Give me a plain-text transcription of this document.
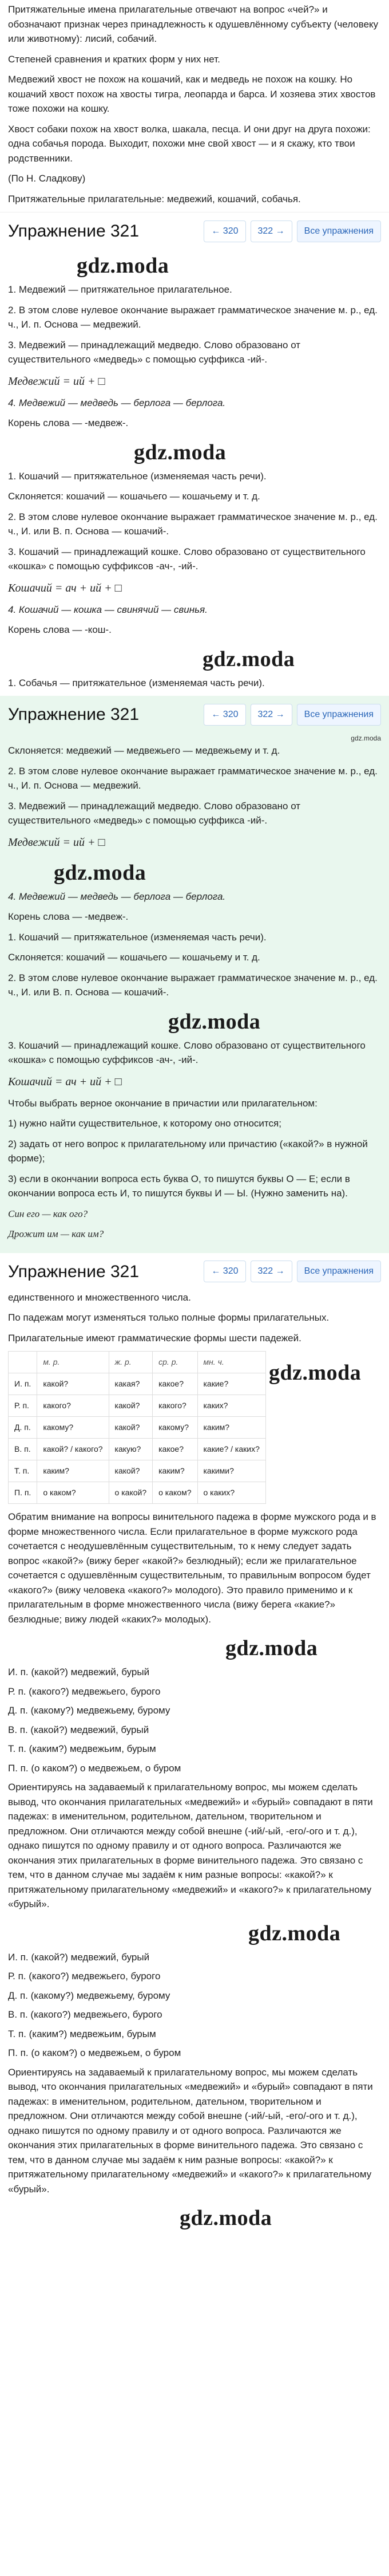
Притяжательные имена прилагательные отвечают на вопрос «чей?» и обозначают признак через принадлежность к одушевлённому субъекту (человеку или животному): лисий, собачий.

Степеней сравнения и кратких форм у них нет.

Медвежий хвост не похож на кошачий, как и медведь не похож на кошку. Но кошачий хвост похож на хвосты тигра, леопарда и барса. И хозяева этих хвостов тоже похожи на кошку.

Хвост собаки похож на хвост волка, шакала, песца. И они друг на друга похожи: одна собачья порода. Выходит, похожи мне свой хвост — и я скажу, кто твои родственники.

(По Н. Сладкову)

Притяжательные прилагательные: медвежий, кошачий, собачья.

Упражнение 321	← 320	322 →	Все упражнения
gdz.moda

1. Медвежий — притяжательное прилагательное.

2. В этом слове нулевое окончание выражает грамматическое значение м. р., ед. ч., И. п. Основа — медвежий.

3. Медвежий — принадлежащий медведю. Слово образовано от существительного «медведь» с помощью суффикса -ий-.

Медвежий = ий + □

4. Медвежий — медведь — берлога — берлога.

Корень слова — -медвеж-.

gdz.moda

1. Кошачий — притяжательное (изменяемая часть речи).

Склоняется: кошачий — кошачьего — кошачьему и т. д.

2. В этом слове нулевое окончание выражает грамматическое значение м. р., ед. ч., И. или В. п. Основа — кошачий-.

3. Кошачий — принадлежащий кошке. Слово образовано от существительного «кошка» с помощью суффиксов -ач-, -ий-.

Кошачий = ач + ий + □

4. Кошачий — кошка — свинячий — свинья.

Корень слова — -кош-.

gdz.moda

1. Собачья — притяжательное (изменяемая часть речи).

Упражнение 321	← 320	322 →	Все упражнения
gdz.moda

Склоняется: медвежий — медвежьего — медвежьему и т. д.

2. В этом слове нулевое окончание выражает грамматическое значение м. р., ед. ч., И. п. Основа — медвежий.

3. Медвежий — принадлежащий медведю. Слово образовано от существительного «медведь» с помощью суффикса -ий-.

Медвежий = ий + □
gdz.moda

4. Медвежий — медведь — берлога — берлога.

Корень слова — -медвеж-.

1. Кошачий — притяжательное (изменяемая часть речи).

Склоняется: кошачий — кошачьего — кошачьему и т. д.

2. В этом слове нулевое окончание выражает грамматическое значение м. р., ед. ч., И. или В. п. Основа — кошачий-.

gdz.moda

3. Кошачий — принадлежащий кошке. Слово образовано от существительного «кошка» с помощью суффиксов -ач-, -ий-.

Кошачий = ач + ий + □

Чтобы выбрать верное окончание в причастии или прилагательном:

1) нужно найти существительное, к которому оно относится;

2) задать от него вопрос к прилагательному или причастию («какой?» в нужной форме);

3) если в окончании вопроса есть буква О, то пишутся буквы О — Е; если в окончании вопроса есть И, то пишутся буквы И — Ы. (Нужно заменить на).

Син его — как ого?

Дрожит им — как им?

Упражнение 321	← 320	322 →	Все упражнения

единственного и множественного числа.

По падежам могут изменяться только полные формы прилагательных.

Прилагательные имеют грамматические формы шести падежей.

gdz.moda
	м. р.	ж. р.	ср. р.	мн. ч.
И. п.	какой?	какая?	какое?	какие?
Р. п.	какого?	какой?	какого?	каких?
Д. п.	какому?	какой?	какому?	каким?
В. п.	какой? / какого?	какую?	какое?	какие? / каких?
Т. п.	каким?	какой?	каким?	какими?
П. п.	о каком?	о какой?	о каком?	о каких?

Обратим внимание на вопросы винительного падежа в форме мужского рода и в форме множественного числа. Если прилагательное в форме мужского рода сочетается с неодушевлённым существительным, то к нему следует задать вопрос «какой?» (вижу берег «какой?» безлюдный); если же прилагательное сочетается с одушевлённым существительным, то правильным вопросом будет «какого?» (вижу человека «какого?» молодого). Это правило применимо и к прилагательным в форме множественного числа (вижу берега «какие?» безлюдные; вижу людей «каких?» молодых).

gdz.moda

И. п. (какой?) медвежий, бурый

Р. п. (какого?) медвежьего, бурого

Д. п. (какому?) медвежьему, бурому

В. п. (какой?) медвежий, бурый

Т. п. (каким?) медвежьим, бурым

П. п. (о каком?) о медвежьем, о буром

Ориентируясь на задаваемый к прилагательному вопрос, мы можем сделать вывод, что окончания прилагательных «медвежий» и «бурый» совпадают в пяти падежах: в именительном, родительном, дательном, творительном и предложном. Они отличаются между собой внешне (-ий/-ый, -его/-ого и т. д.), однако пишутся по одному правилу и от одного вопроса. Различаются же окончания этих прилагательных в форме винительного падежа. Это связано с тем, что в данном случае мы задаём к ним разные вопросы: «какой?» к притяжательному прилагательному «медвежий» и «какого?» к прилагательному «бурый».

gdz.moda

И. п. (какой?) медвежий, бурый

Р. п. (какого?) медвежьего, бурого

Д. п. (какому?) медвежьему, бурому

В. п. (какого?) медвежьего, бурого

Т. п. (каким?) медвежьим, бурым

П. п. (о каком?) о медвежьем, о буром

Ориентируясь на задаваемый к прилагательному вопрос, мы можем сделать вывод, что окончания прилагательных «медвежий» и «бурый» совпадают в пяти падежах: в именительном, родительном, дательном, творительном и предложном. Они отличаются между собой внешне (-ий/-ый, -его/-ого и т. д.), однако пишутся по одному правилу и от одного вопроса. Различаются же окончания этих прилагательных в форме винительного падежа. Это связано с тем, что в данном случае мы задаём к ним разные вопросы: «какой?» к притяжательному прилагательному «медвежий» и «какого?» к прилагательному «бурый».

gdz.moda
